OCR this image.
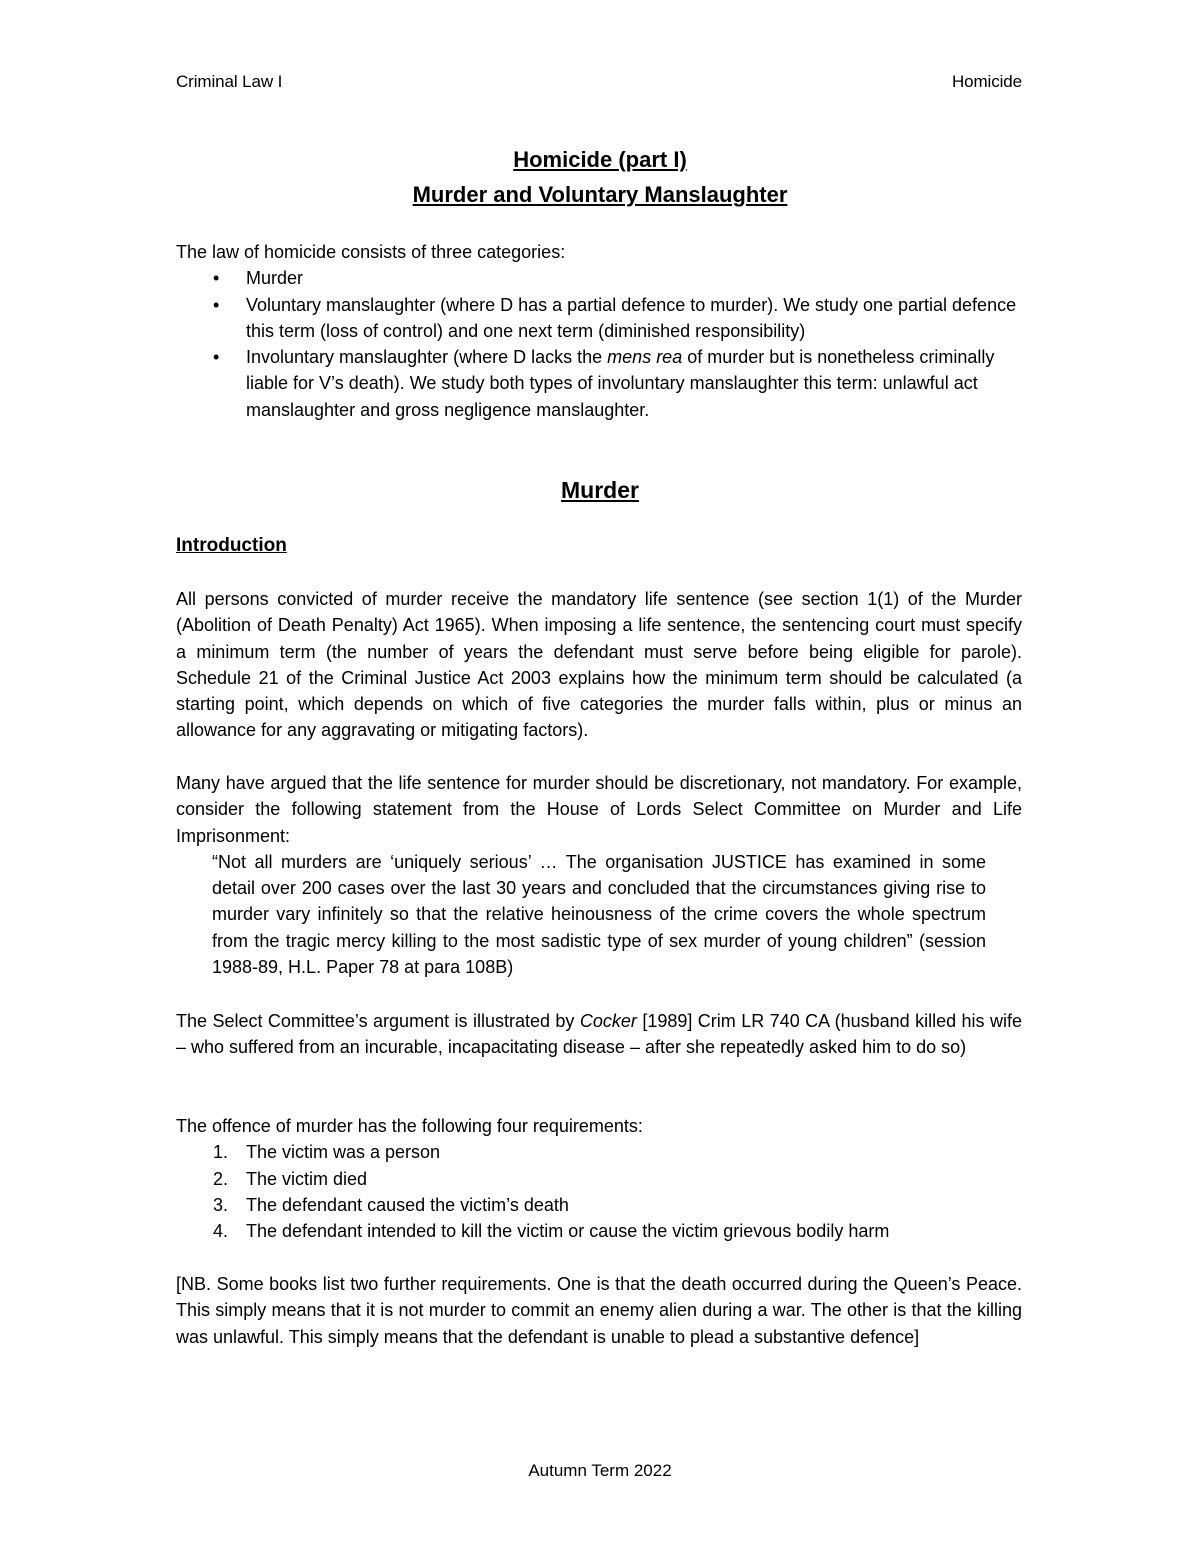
Criminal Law I	Homicide
Homicide (part I)
Murder and Voluntary Manslaughter

The law of homicide consists of three categories:

• Murder
• Voluntary manslaughter (where D has a partial defence to murder). We study one partial defence this term (loss of control) and one next term (diminished responsibility)
• Involuntary manslaughter (where D lacks the mens rea of murder but is nonetheless criminally liable for V’s death). We study both types of involuntary manslaughter this term: unlawful act manslaughter and gross negligence manslaughter.
Murder
Introduction

All persons convicted of murder receive the mandatory life sentence (see section 1(1) of the Murder (Abolition of Death Penalty) Act 1965). When imposing a life sentence, the sentencing court must specify a minimum term (the number of years the defendant must serve before being eligible for parole). Schedule 21 of the Criminal Justice Act 2003 explains how the minimum term should be calculated (a starting point, which depends on which of five categories the murder falls within, plus or minus an allowance for any aggravating or mitigating factors).

Many have argued that the life sentence for murder should be discretionary, not mandatory. For example, consider the following statement from the House of Lords Select Committee on Murder and Life Imprisonment:

“Not all murders are ‘uniquely serious’ … The organisation JUSTICE has examined in some detail over 200 cases over the last 30 years and concluded that the circumstances giving rise to murder vary infinitely so that the relative heinousness of the crime covers the whole spectrum from the tragic mercy killing to the most sadistic type of sex murder of young children” (session 1988-89, H.L. Paper 78 at para 108B)

The Select Committee’s argument is illustrated by Cocker [1989] Crim LR 740 CA (husband killed his wife – who suffered from an incurable, incapacitating disease – after she repeatedly asked him to do so)

The offence of murder has the following four requirements:

1. The victim was a person
2. The victim died
3. The defendant caused the victim’s death
4. The defendant intended to kill the victim or cause the victim grievous bodily harm

[NB. Some books list two further requirements. One is that the death occurred during the Queen’s Peace. This simply means that it is not murder to commit an enemy alien during a war. The other is that the killing was unlawful. This simply means that the defendant is unable to plead a substantive defence]

Autumn Term 2022
